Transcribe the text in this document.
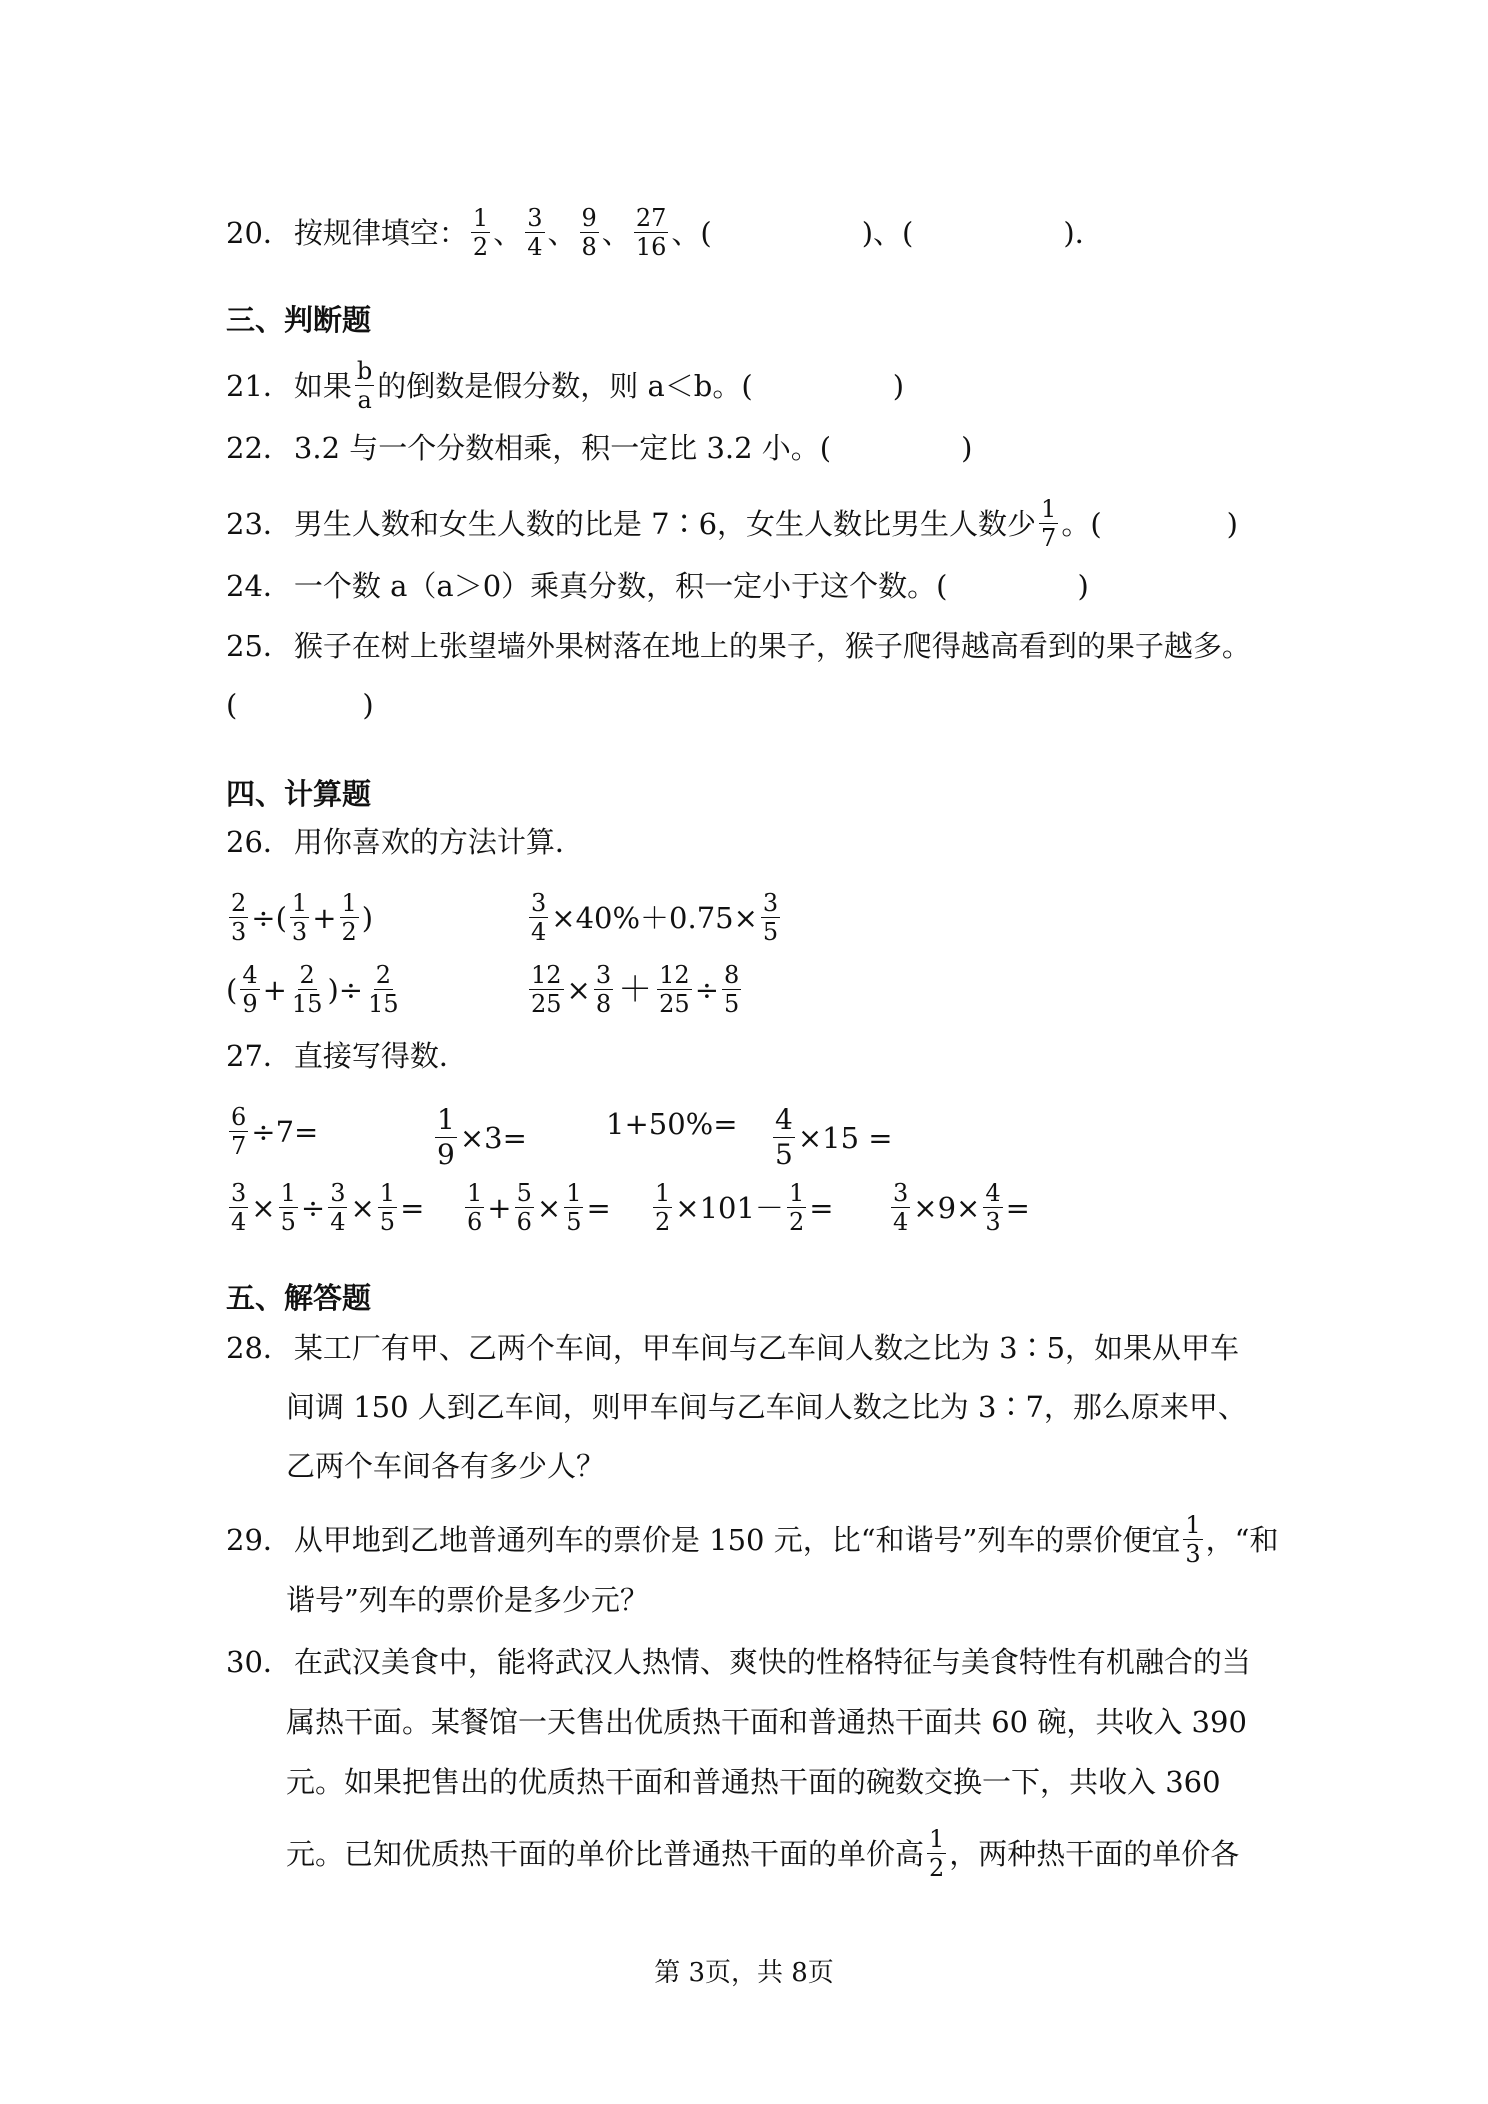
20． 按规律填空： $\frac{1}{2}$ 、 $\frac{3}{4}$ 、 $\frac{9}{8}$ 、 $\frac{27}{16}$ 、 (	) 、 (	) ．
三、判断题
21． 如果 $\frac{b}{a}$ 的倒数是假分数，则 a＜b。(	)
22． 3.2 与一个分数相乘，积一定比 3.2 小。(	)
23． 男生人数和女生人数的比是 7∶6，女生人数比男生人数少 $\frac{1}{7}$ 。(	)
24． 一个数 a（a＞0）乘真分数，积一定小于这个数。(	)
25． 猴子在树上张望墙外果树落在地上的果子，猴子爬得越高看到的果子越多。
(	)
四、计算题
26． 用你喜欢的方法计算．
$\frac{2}{3}$ ÷( $\frac{1}{3} + \frac{1}{2}$ )	$\frac{3}{4} \times 40\%+0.75\times \frac{3}{5}$
( $\frac{4}{9} + \frac{2}{15}$ )÷ $\frac{2}{15}$	$\frac{12}{25} \times \frac{3}{8} + \frac{12}{25} \div \frac{8}{5}$
27． 直接写得数．
$\frac{6}{7} \div 7=$	$\frac{1}{9} \times 3=$	$1+50\%= \frac{4}{5} \times 15$ =
$\frac{3}{4} \times \frac{1}{5} \div \frac{3}{4} \times \frac{1}{5} = \frac{1}{6} + \frac{5}{6} \times \frac{1}{5} = \frac{1}{2} \times 101- \frac{1}{2} = \frac{3}{4} \times 9\times \frac{4}{3}$ =
五、解答题
28． 某工厂有甲、乙两个车间，甲车间与乙车间人数之比为 3∶5，如果从甲车
间调 150 人到乙车间，则甲车间与乙车间人数之比为 3∶7，那么原来甲、
乙两个车间各有多少人？
29． 从甲地到乙地普通列车的票价是 150 元，比“和谐号”列车的票价便宜 $\frac{1}{3}$ ，“和
谐号”列车的票价是多少元？
30． 在武汉美食中，能将武汉人热情、爽快的性格特征与美食特性有机融合的当
属热干面。某餐馆一天售出优质热干面和普通热干面共 60 碗，共收入 390
元。如果把售出的优质热干面和普通热干面的碗数交换一下，共收入 360
元。已知优质热干面的单价比普通热干面的单价高 $\frac{1}{2}$ ，两种热干面的单价各
第 3页，共 8页
